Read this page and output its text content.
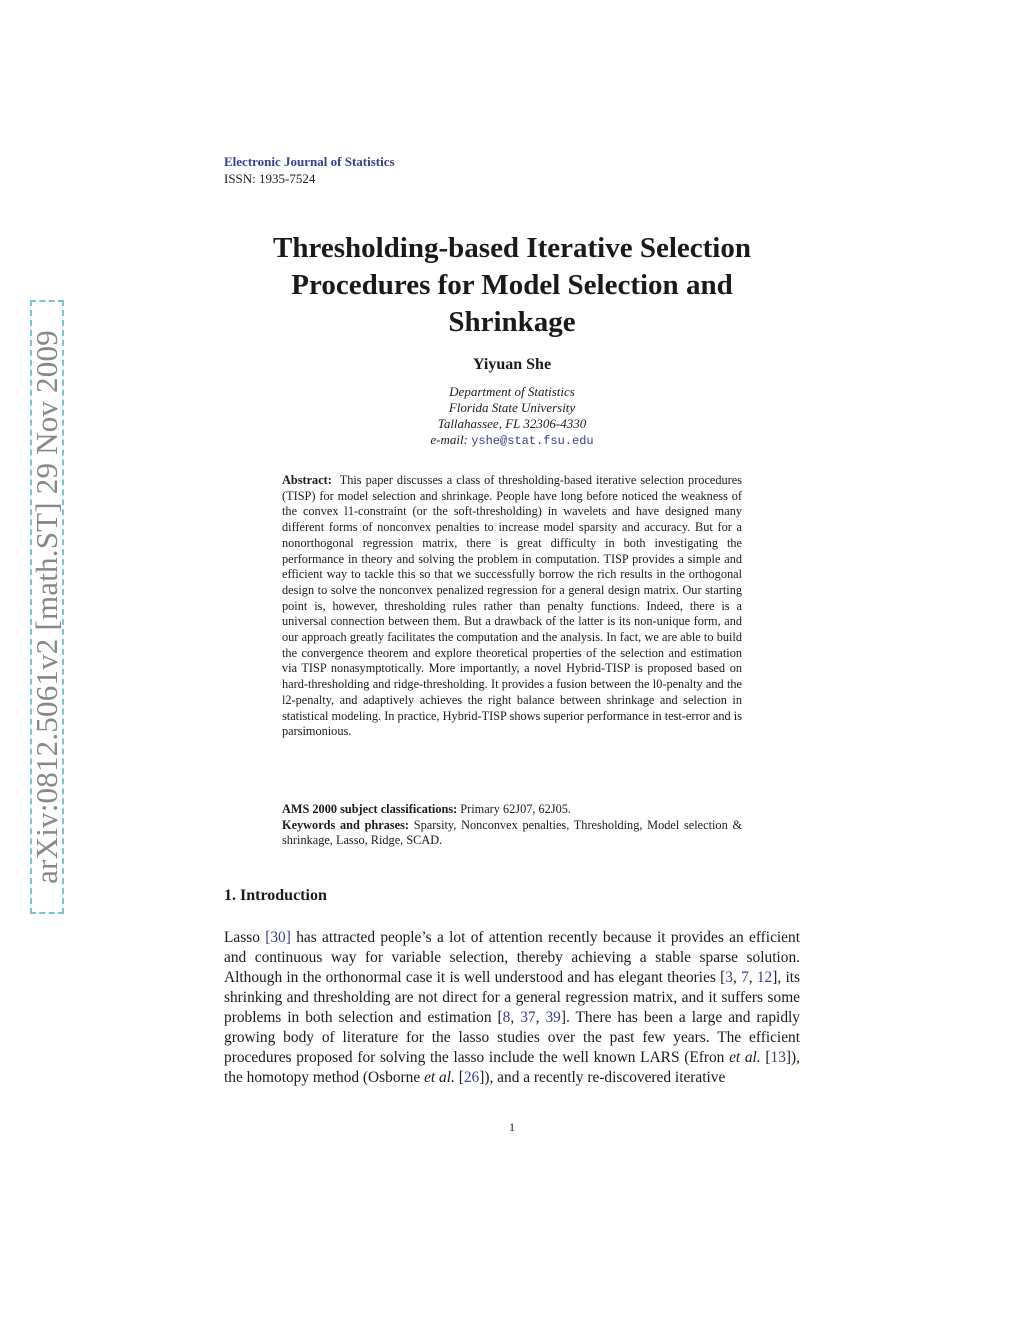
arXiv:0812.5061v2 [math.ST] 29 Nov 2009
Electronic Journal of Statistics
ISSN: 1935-7524
Thresholding-based Iterative Selection
Procedures for Model Selection and
Shrinkage
Yiyuan She
Department of Statistics
Florida State University
Tallahassee, FL 32306-4330
e-mail: yshe@stat.fsu.edu

Abstract: This paper discusses a class of thresholding-based iterative selection procedures (TISP) for model selection and shrinkage. People have long before noticed the weakness of the convex l1-constraint (or the soft-thresholding) in wavelets and have designed many different forms of nonconvex penalties to increase model sparsity and accuracy. But for a nonorthogonal regression matrix, there is great difficulty in both investigating the performance in theory and solving the problem in computation. TISP provides a simple and efficient way to tackle this so that we successfully borrow the rich results in the orthogonal design to solve the nonconvex penalized regression for a general design matrix. Our starting point is, however, thresholding rules rather than penalty functions. Indeed, there is a universal connection between them. But a drawback of the latter is its non-unique form, and our approach greatly facilitates the computation and the analysis. In fact, we are able to build the convergence theorem and explore theoretical properties of the selection and estimation via TISP nonasymptotically. More importantly, a novel Hybrid-TISP is proposed based on hard-thresholding and ridge-thresholding. It provides a fusion between the l0-penalty and the l2-penalty, and adaptively achieves the right balance between shrinkage and selection in statistical modeling. In practice, Hybrid-TISP shows superior performance in test-error and is parsimonious.

AMS 2000 subject classifications: Primary 62J07, 62J05.

Keywords and phrases: Sparsity, Nonconvex penalties, Thresholding, Model selection & shrinkage, Lasso, Ridge, SCAD.

1. Introduction

Lasso [30] has attracted people’s a lot of attention recently because it provides an efficient and continuous way for variable selection, thereby achieving a stable sparse solution. Although in the orthonormal case it is well understood and has elegant theories [3, 7, 12], its shrinking and thresholding are not direct for a general regression matrix, and it suffers some problems in both selection and estimation [8, 37, 39]. There has been a large and rapidly growing body of literature for the lasso studies over the past few years. The efficient procedures proposed for solving the lasso include the well known LARS (Efron et al. [13]), the homotopy method (Osborne et al. [26]), and a recently re-discovered iterative

1
